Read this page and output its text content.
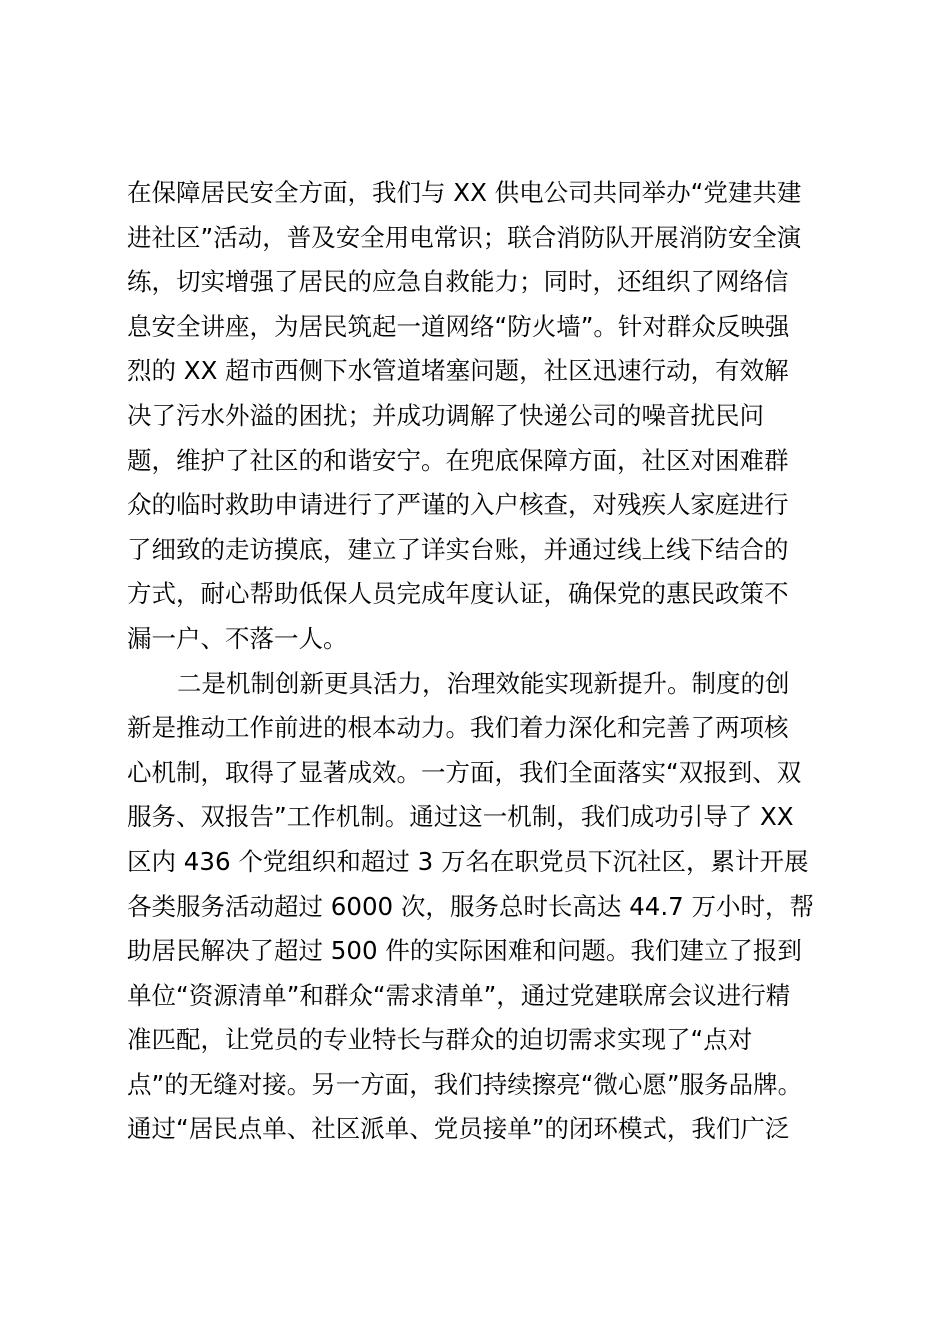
在保障居民安全方面，我们与 XX 供电公司共同举办“党建共建
进社区”活动，普及安全用电常识；联合消防队开展消防安全演
练，切实增强了居民的应急自救能力；同时，还组织了网络信
息安全讲座，为居民筑起一道网络“防火墙”。针对群众反映强
烈的 XX 超市西侧下水管道堵塞问题，社区迅速行动，有效解
决了污水外溢的困扰；并成功调解了快递公司的噪音扰民问
题，维护了社区的和谐安宁。在兜底保障方面，社区对困难群
众的临时救助申请进行了严谨的入户核查，对残疾人家庭进行
了细致的走访摸底，建立了详实台账，并通过线上线下结合的
方式，耐心帮助低保人员完成年度认证，确保党的惠民政策不
漏一户、不落一人。
二是机制创新更具活力，治理效能实现新提升。制度的创
新是推动工作前进的根本动力。我们着力深化和完善了两项核
心机制，取得了显著成效。一方面，我们全面落实“双报到、双
服务、双报告”工作机制。通过这一机制，我们成功引导了 XX
区内 436 个党组织和超过 3 万名在职党员下沉社区，累计开展
各类服务活动超过 6000 次，服务总时长高达 44.7 万小时，帮
助居民解决了超过 500 件的实际困难和问题。我们建立了报到
单位“资源清单”和群众“需求清单”，通过党建联席会议进行精
准匹配，让党员的专业特长与群众的迫切需求实现了“点对
点”的无缝对接。另一方面，我们持续擦亮“微心愿”服务品牌。
通过“居民点单、社区派单、党员接单”的闭环模式，我们广泛
